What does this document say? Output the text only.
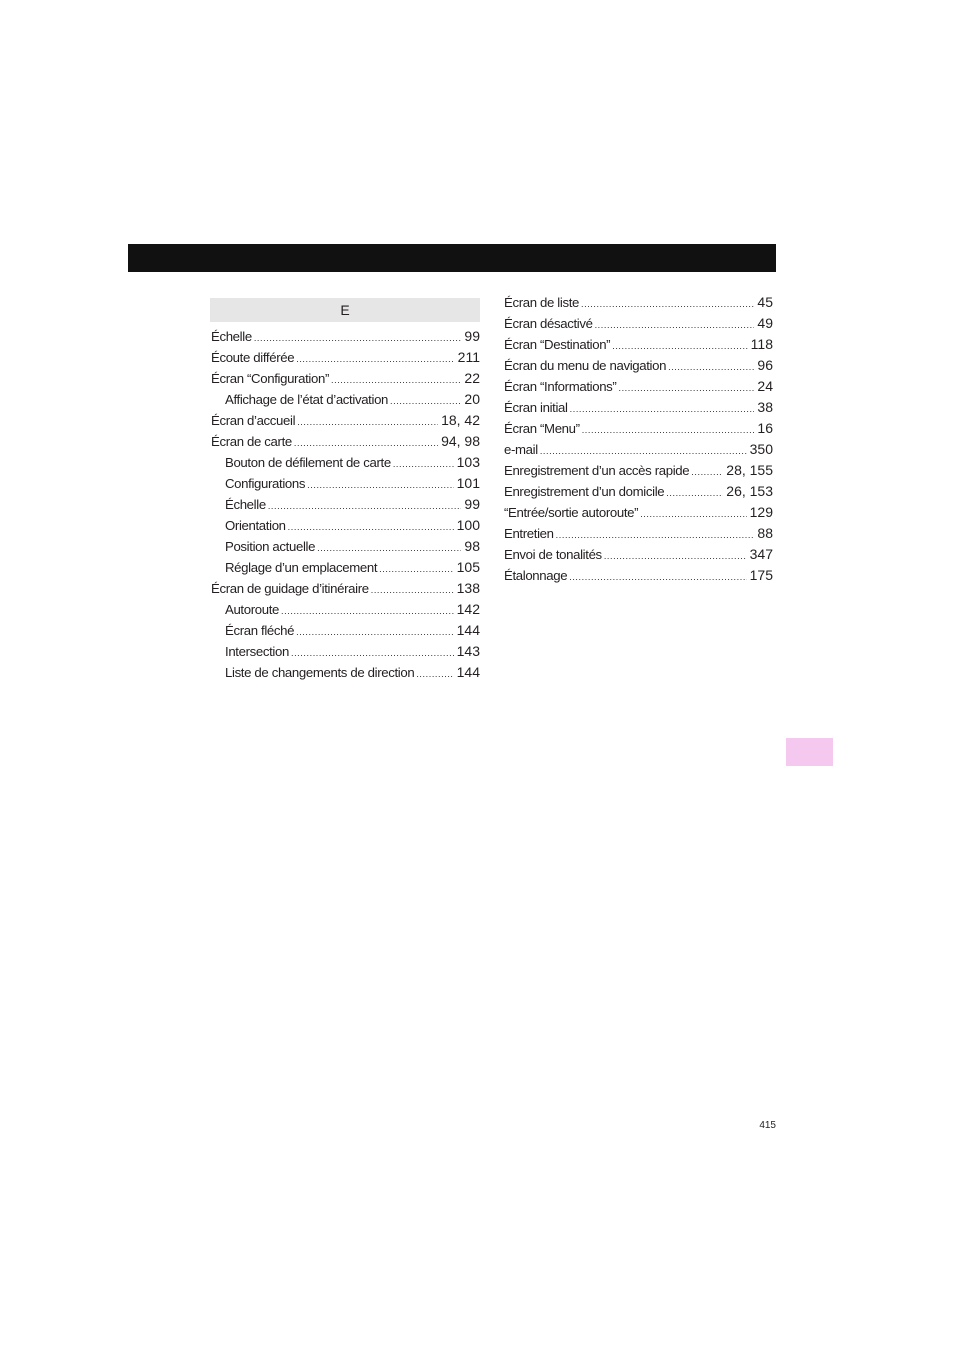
E
Échelle .....	99
Écoute différée .....	211
Écran “Configuration” .....	22
Affichage de l’état d’activation .....	20
Écran d’accueil .....	18, 42
Écran de carte .....	94, 98
Bouton de défilement de carte .....	103
Configurations .....	101
Échelle .....	99
Orientation .....	100
Position actuelle .....	98
Réglage d’un emplacement .....	105
Écran de guidage d’itinéraire .....	138
Autoroute .....	142
Écran fléché .....	144
Intersection .....	143
Liste de changements de direction .....	144
Écran de liste .....	45
Écran désactivé .....	49
Écran “Destination” .....	118
Écran du menu de navigation .....	96
Écran “Informations” .....	24
Écran initial .....	38
Écran “Menu” .....	16
e-mail .....	350
Enregistrement d’un accès rapide .....	28, 155
Enregistrement d’un domicile .....	26, 153
“Entrée/sortie autoroute” .....	129
Entretien .....	88
Envoi de tonalités .....	347
Étalonnage .....	175
415
